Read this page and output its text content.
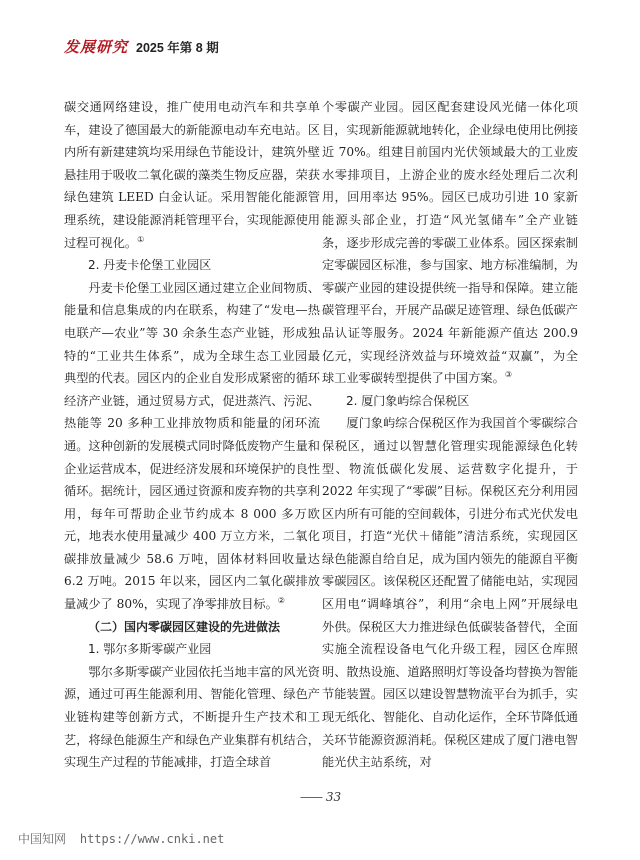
发展研究 2025 年第 8 期

碳交通网络建设，推广使用电动汽车和共享单车，建设了德国最大的新能源电动车充电站。区内所有新建建筑均采用绿色节能设计，建筑外壁悬挂用于吸收二氧化碳的藻类生物反应器，荣获绿色建筑 LEED 白金认证。采用智能化能源管理系统，建设能源消耗管理平台，实现能源使用过程可视化。①

2. 丹麦卡伦堡工业园区

丹麦卡伦堡工业园区通过建立企业间物质、能量和信息集成的内在联系，构建了“发电—热电联产—农业”等 30 余条生态产业链，形成独特的“工业共生体系”，成为全球生态工业园最典型的代表。园区内的企业自发形成紧密的循环经济产业链，通过贸易方式，促进蒸汽、污泥、热能等 20 多种工业排放物质和能量的闭环流通。这种创新的发展模式同时降低废物产生量和企业运营成本，促进经济发展和环境保护的良性循环。据统计，园区通过资源和废弃物的共享利用，每年可帮助企业节约成本 8 000 多万欧元，地表水使用量减少 400 万立方米，二氧化碳排放量减少 58.6 万吨，固体材料回收量达 6.2 万吨。2015 年以来，园区内二氧化碳排放量减少了 80%，实现了净零排放目标。②

（二）国内零碳园区建设的先进做法
1. 鄂尔多斯零碳产业园

鄂尔多斯零碳产业园依托当地丰富的风光资源，通过可再生能源利用、智能化管理、绿色产业链构建等创新方式，不断提升生产技术和工艺，将绿色能源生产和绿色产业集群有机结合，实现生产过程的节能减排，打造全球首

个零碳产业园。园区配套建设风光储一体化项目，实现新能源就地转化，企业绿电使用比例接近 70%。组建目前国内光伏领域最大的工业废水零排项目，上游企业的废水经处理后二次利用，回用率达 95%。园区已成功引进 10 家新能源头部企业，打造“风光氢储车”全产业链条，逐步形成完善的零碳工业体系。园区探索制定零碳园区标准，参与国家、地方标准编制，为零碳产业园的建设提供统一指导和保障。建立能碳管理平台，开展产品碳足迹管理、绿色低碳产品认证等服务。2024 年新能源产值达 200.9 亿元，实现经济效益与环境效益“双赢”，为全球工业零碳转型提供了中国方案。③

2. 厦门象屿综合保税区

厦门象屿综合保税区作为我国首个零碳综合保税区，通过以智慧化管理实现能源绿色化转型、物流低碳化发展、运营数字化提升，于 2022 年实现了“零碳”目标。保税区充分利用园区内所有可能的空间载体，引进分布式光伏发电项目，打造“光伏＋储能”清洁系统，实现园区绿色能源自给自足，成为国内领先的能源自平衡零碳园区。该保税区还配置了储能电站，实现园区用电“调峰填谷”，利用“余电上网”开展绿电外供。保税区大力推进绿色低碳装备替代，全面实施全流程设备电气化升级工程，园区仓库照明、散热设施、道路照明灯等设备均替换为智能节能装置。园区以建设智慧物流平台为抓手，实现无纸化、智能化、自动化运作，全环节降低通关环节能源资源消耗。保税区建成了厦门港电智能光伏主站系统，对

—— 33
中国知网 https://www.cnki.net
